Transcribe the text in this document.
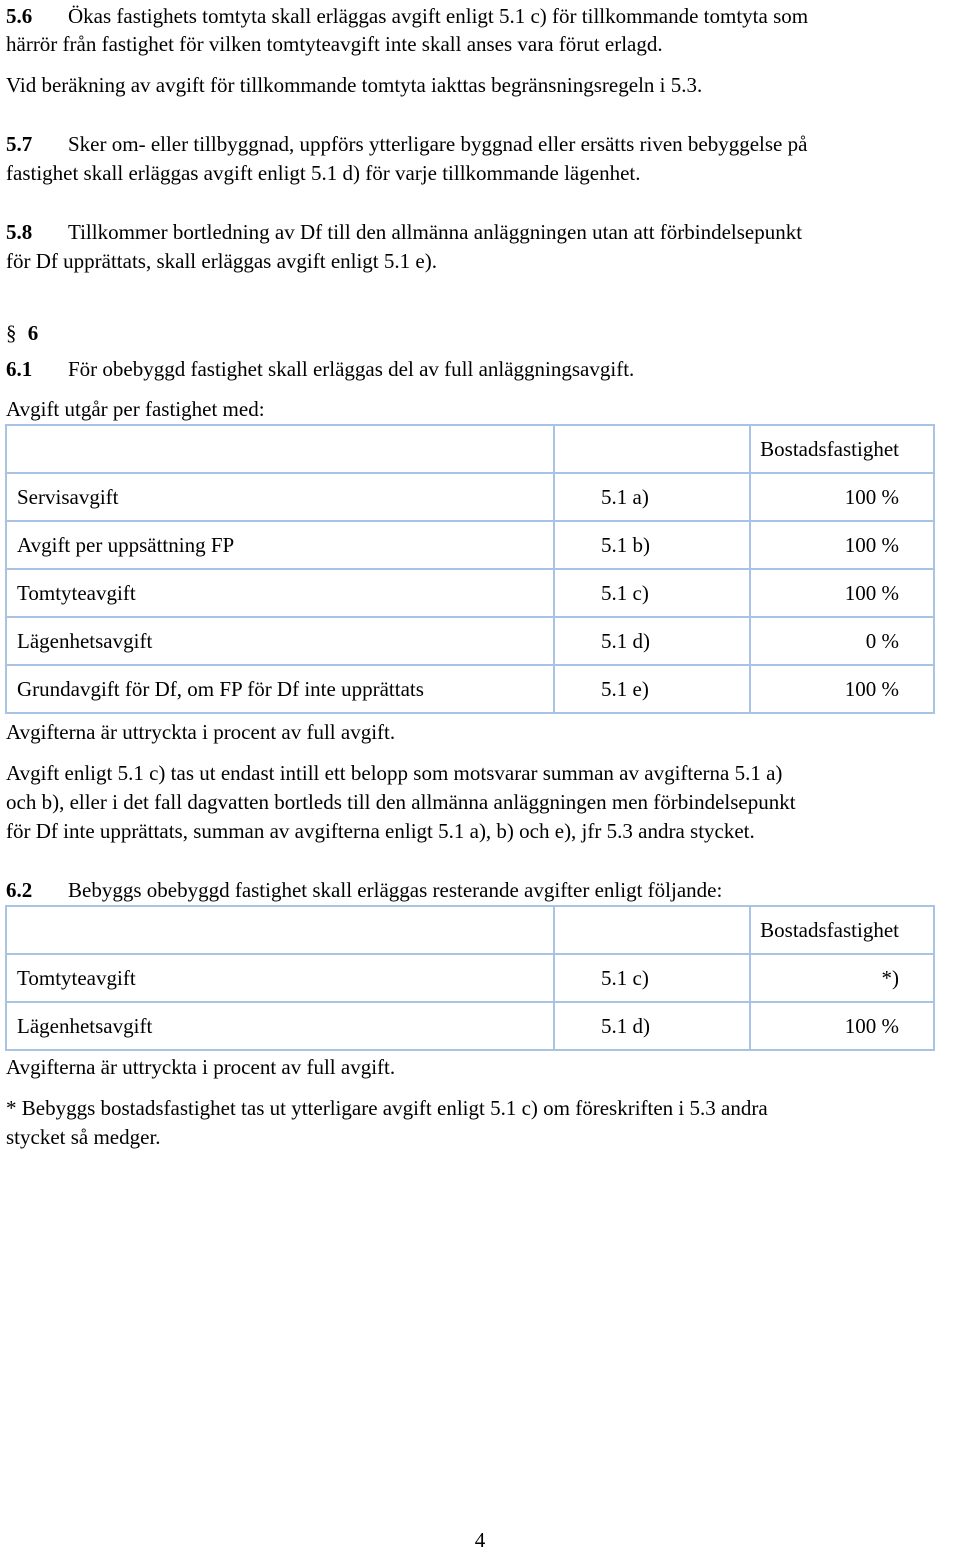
5.6 Ökas fastighets tomtyta skall erläggas avgift enligt 5.1 c) för tillkommande tomtyta som
härrör från fastighet för vilken tomtyteavgift inte skall anses vara förut erlagd.
Vid beräkning av avgift för tillkommande tomtyta iakttas begränsningsregeln i 5.3.
5.7 Sker om- eller tillbyggnad, uppförs ytterligare byggnad eller ersätts riven bebyggelse på
fastighet skall erläggas avgift enligt 5.1 d) för varje tillkommande lägenhet.
5.8 Tillkommer bortledning av Df till den allmänna anläggningen utan att förbindelsepunkt
för Df upprättats, skall erläggas avgift enligt 5.1 e).
§ 6
6.1 För obebyggd fastighet skall erläggas del av full anläggningsavgift.
Avgift utgår per fastighet med:
		Bostadsfastighet
Servisavgift	5.1 a)	100 %
Avgift per uppsättning FP	5.1 b)	100 %
Tomtyteavgift	5.1 c)	100 %
Lägenhetsavgift	5.1 d)	0 %
Grundavgift för Df, om FP för Df inte upprättats	5.1 e)	100 %
Avgifterna är uttryckta i procent av full avgift.
Avgift enligt 5.1 c) tas ut endast intill ett belopp som motsvarar summan av avgifterna 5.1 a)
och b), eller i det fall dagvatten bortleds till den allmänna anläggningen men förbindelsepunkt
för Df inte upprättats, summan av avgifterna enligt 5.1 a), b) och e), jfr 5.3 andra stycket.
6.2 Bebyggs obebyggd fastighet skall erläggas resterande avgifter enligt följande:
		Bostadsfastighet
Tomtyteavgift	5.1 c)	*)
Lägenhetsavgift	5.1 d)	100 %
Avgifterna är uttryckta i procent av full avgift.
* Bebyggs bostadsfastighet tas ut ytterligare avgift enligt 5.1 c) om föreskriften i 5.3 andra
stycket så medger.
4
